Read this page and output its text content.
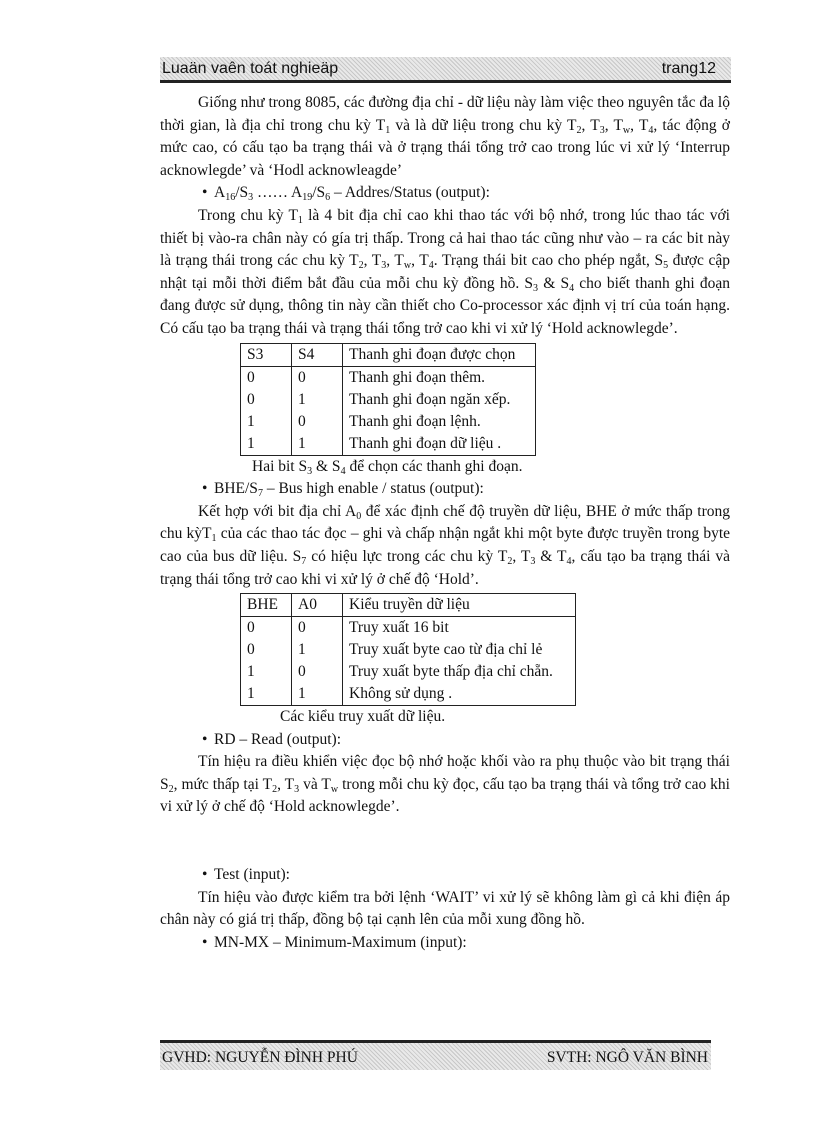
Luaän vaên toát nghieäp	trang12

Giống như trong 8085, các đường địa chỉ - dữ liệu này làm việc theo nguyên tắc đa lộ thời gian, là địa chỉ trong chu kỳ $T_1$ và là dữ liệu trong chu kỳ $T_2$, $T_3$, $T_w$, $T_4$, tác động ở mức cao, có cấu tạo ba trạng thái và ở trạng thái tổng trở cao trong lúc vi xử lý ‘Interrup acknowlegde’ và ‘Hodl acknowleagde’

• $A_{16}/S_3$ …… $A_{19}/S_6$ – Addres/Status (output):

Trong chu kỳ $T_1$ là 4 bit địa chỉ cao khi thao tác với bộ nhớ, trong lúc thao tác với thiết bị vào-ra chân này có gía trị thấp. Trong cả hai thao tác cũng như vào – ra các bit này là trạng thái trong các chu kỳ $T_2$, $T_3$, $T_w$, $T_4$. Trạng thái bit cao cho phép ngắt, $S_5$ được cập nhật tại mỗi thời điểm bắt đầu của mỗi chu kỳ đồng hồ. $S_3$ & $S_4$ cho biết thanh ghi đoạn đang được sử dụng, thông tin này cần thiết cho Co-processor xác định vị trí của toán hạng. Có cấu tạo ba trạng thái và trạng thái tổng trở cao khi vi xử lý ‘Hold acknowlegde’.

S3	S4	Thanh ghi đoạn được chọn
0	0	Thanh ghi đoạn thêm.
0	1	Thanh ghi đoạn ngăn xếp.
1	0	Thanh ghi đoạn lệnh.
1	1	Thanh ghi đoạn dữ liệu .

Hai bit $S_3$ & $S_4$ để chọn các thanh ghi đoạn.

• BHE/$S_7$ – Bus high enable / status (output):

Kết hợp với bit địa chỉ $A_0$ để xác định chế độ truyền dữ liệu, BHE ở mức thấp trong chu kỳT$_1$ của các thao tác đọc – ghi và chấp nhận ngắt khi một byte được truyền trong byte cao của bus dữ liệu. $S_7$ có hiệu lực trong các chu kỳ $T_2$, $T_3$ & $T_4$, cấu tạo ba trạng thái và trạng thái tổng trở cao khi vi xử lý ở chế độ ‘Hold’.

BHE	A0	Kiểu truyền dữ liệu
0	0	Truy xuất 16 bit
0	1	Truy xuất byte cao từ địa chỉ lẻ
1	0	Truy xuất byte thấp địa chỉ chẵn.
1	1	Không sử dụng .

Các kiểu truy xuất dữ liệu.

• RD – Read (output):

Tín hiệu ra điều khiển việc đọc bộ nhớ hoặc khối vào ra phụ thuộc vào bit trạng thái $S_2$, mức thấp tại $T_2$, $T_3$ và $T_w$ trong mỗi chu kỳ đọc, cấu tạo ba trạng thái và tổng trở cao khi vi xử lý ở chế độ ‘Hold acknowlegde’.

• Test (input):

Tín hiệu vào được kiểm tra bởi lệnh ‘WAIT’ vi xử lý sẽ không làm gì cả khi điện áp chân này có giá trị thấp, đồng bộ tại cạnh lên của mỗi xung đồng hồ.

• MN-MX – Minimum-Maximum (input):

GVHD: NGUYỄN ĐÌNH PHÚ	SVTH: NGÔ VĂN BÌNH
